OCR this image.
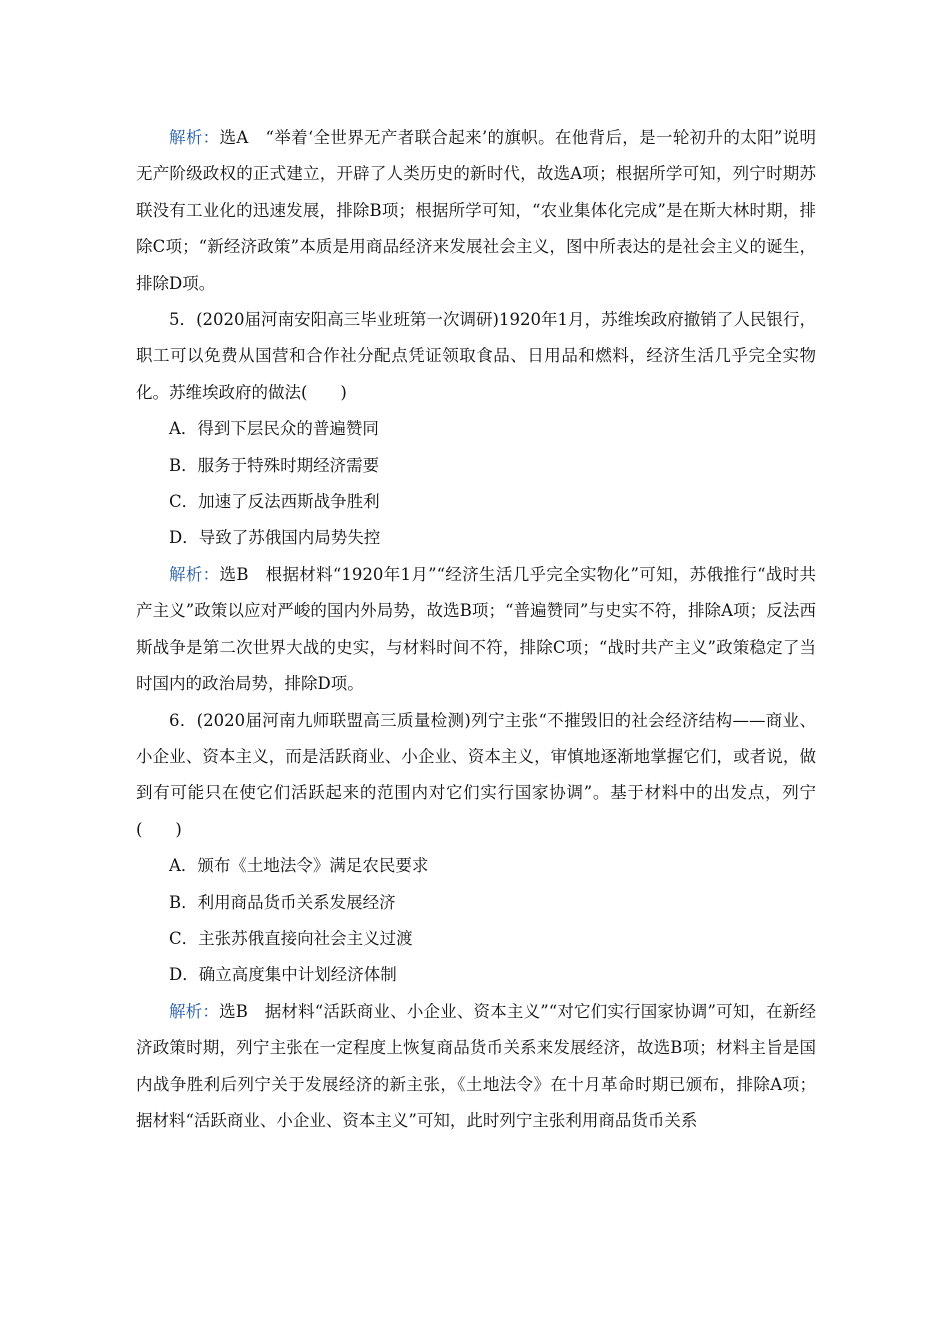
解析：选A　“举着‘全世界无产者联合起来’的旗帜。在他背后，是一轮初升的太阳”说明无产阶级政权的正式建立，开辟了人类历史的新时代，故选A项；根据所学可知，列宁时期苏联没有工业化的迅速发展，排除B项；根据所学可知，“农业集体化完成”是在斯大林时期，排除C项；“新经济政策”本质是用商品经济来发展社会主义，图中所表达的是社会主义的诞生，排除D项。

5．(2020届河南安阳高三毕业班第一次调研)1920年1月，苏维埃政府撤销了人民银行，职工可以免费从国营和合作社分配点凭证领取食品、日用品和燃料，经济生活几乎完全实物化。苏维埃政府的做法(　　)

A．得到下层民众的普遍赞同

B．服务于特殊时期经济需要

C．加速了反法西斯战争胜利

D．导致了苏俄国内局势失控

解析：选B　根据材料“1920年1月”“经济生活几乎完全实物化”可知，苏俄推行“战时共产主义”政策以应对严峻的国内外局势，故选B项；“普遍赞同”与史实不符，排除A项；反法西斯战争是第二次世界大战的史实，与材料时间不符，排除C项；“战时共产主义”政策稳定了当时国内的政治局势，排除D项。

6．(2020届河南九师联盟高三质量检测)列宁主张“不摧毁旧的社会经济结构——商业、小企业、资本主义，而是活跃商业、小企业、资本主义，审慎地逐渐地掌握它们，或者说，做到有可能只在使它们活跃起来的范围内对它们实行国家协调”。基于材料中的出发点，列宁(　　)

A．颁布《土地法令》满足农民要求

B．利用商品货币关系发展经济

C．主张苏俄直接向社会主义过渡

D．确立高度集中计划经济体制

解析：选B　据材料“活跃商业、小企业、资本主义”“对它们实行国家协调”可知，在新经济政策时期，列宁主张在一定程度上恢复商品货币关系来发展经济，故选B项；材料主旨是国内战争胜利后列宁关于发展经济的新主张，《土地法令》在十月革命时期已颁布，排除A项；据材料“活跃商业、小企业、资本主义”可知，此时列宁主张利用商品货币关系
